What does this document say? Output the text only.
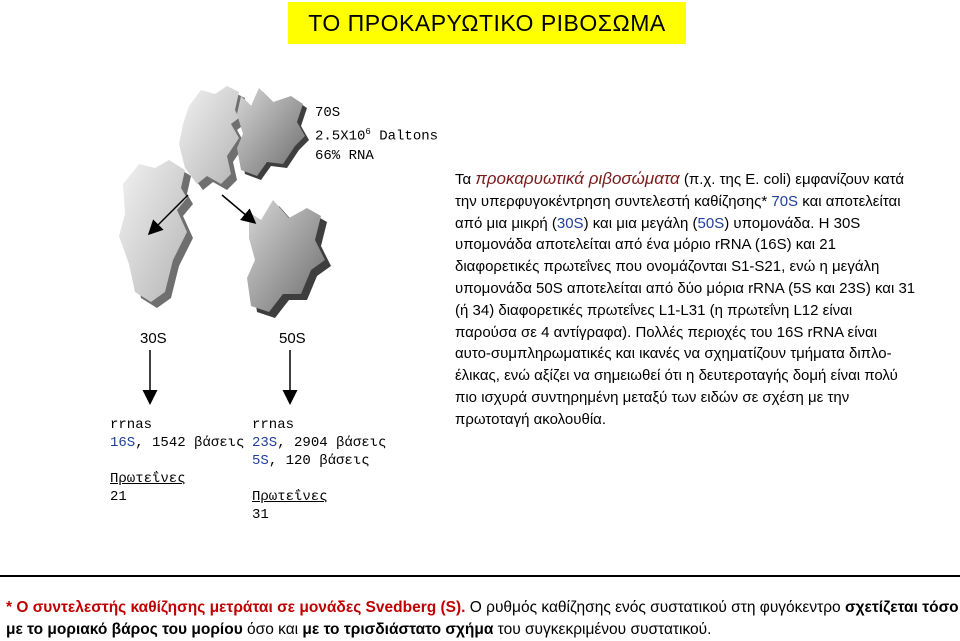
ΤΟ ΠΡΟΚΑΡΥΩΤΙΚΟ ΡΙΒΟΣΩΜΑ
70S
$2.5X10^6$ Daltons
66% RNA
30S	50S
rrnas
16S, 1542 βάσεις
Πρωτεΐνες
21
rrnas
23S, 2904 βάσεις
5S, 120 βάσεις
Πρωτεΐνες
31
Τα προκαρυωτικά ριβοσώματα (π.χ. της E. coli) εμφανίζουν κατά την υπερφυγοκέντρηση συντελεστή καθίζησης* 70S και αποτελείται από μια μικρή (30S) και μια μεγάλη (50S) υπομονάδα. Η 30S υπομονάδα αποτελείται από ένα μόριο rRNA (16S) και 21 διαφορετικές πρωτεΐνες που ονομάζονται S1-S21, ενώ η μεγάλη υπομονάδα 50S αποτελείται από δύο μόρια rRNA (5S και 23S) και 31 (ή 34) διαφορετικές πρωτεΐνες L1-L31 (η πρωτεΐνη L12 είναι παρούσα σε 4 αντίγραφα). Πολλές περιοχές του 16S rRNA είναι αυτο-συμπληρωματικές και ικανές να σχηματίζουν τμήματα διπλο-έλικας, ενώ αξίζει να σημειωθεί ότι η δευτεροταγής δομή είναι πολύ πιο ισχυρά συντηρημένη μεταξύ των ειδών σε σχέση με την πρωτοταγή ακολουθία.
* Ο συντελεστής καθίζησης μετράται σε μονάδες Svedberg (S). Ο ρυθμός καθίζησης ενός συστατικού στη φυγόκεντρο σχετίζεται τόσο με το μοριακό βάρος του μορίου όσο και με το τρισδιάστατο σχήμα του συγκεκριμένου συστατικού.
